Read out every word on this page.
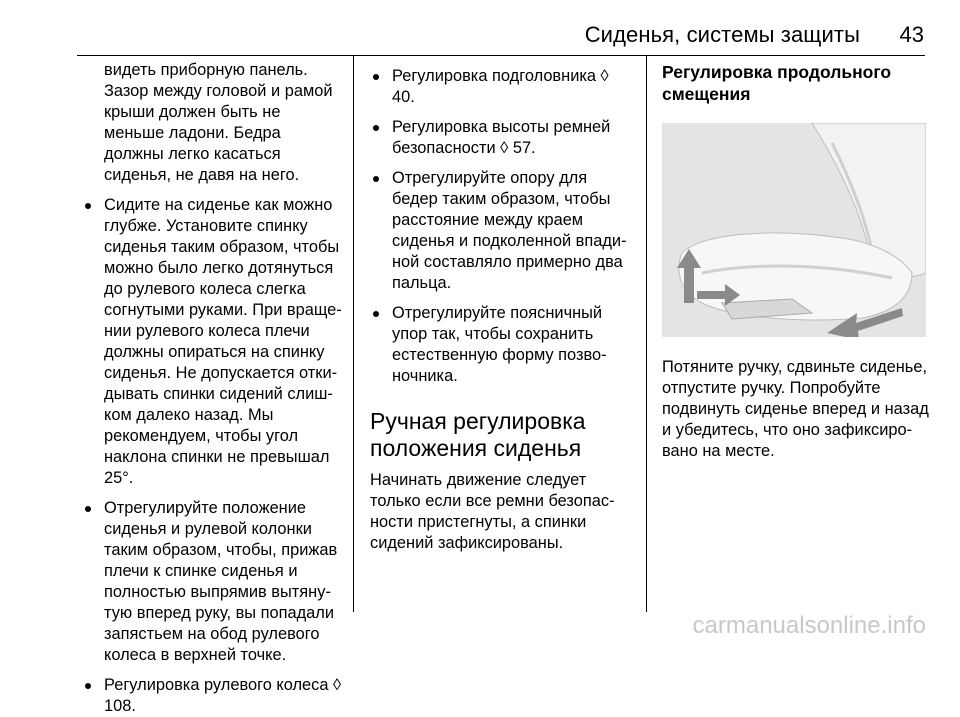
Сиденья, системы защиты 43

видеть приборную панель. Зазор между головой и рамой крыши должен быть не меньше ладони. Бедра должны легко касаться сиденья, не давя на него.

Сидите на сиденье как можно глубже. Установите спинку сиденья таким образом, чтобы можно было легко дотянуться до рулевого колеса слегка согнутыми руками. При вращении рулевого колеса плечи должны опираться на спинку сиденья. Не допускается откидывать спинки сидений слишком далеко назад. Мы рекомендуем, чтобы угол наклона спинки не превышал 25°.

Отрегулируйте положение сиденья и рулевой колонки таким образом, чтобы, прижав плечи к спинке сиденья и полностью выпрямив вытянутую вперед руку, вы попадали запястьем на обод рулевого колеса в верхней точке.

Регулировка рулевого колеса ◊ 108.

Регулировка подголовника ◊ 40.

Регулировка высоты ремней безопасности ◊ 57.

Отрегулируйте опору для бедер таким образом, чтобы расстояние между краем сиденья и подколенной впадиной составляло примерно два пальца.

Отрегулируйте поясничный упор так, чтобы сохранить естественную форму позвоночника.

Ручная регулировка положения сиденья

Начинать движение следует только если все ремни безопасности пристегнуты, а спинки сидений зафиксированы.

Регулировка продольного смещения

Потяните ручку, сдвиньте сиденье, отпустите ручку. Попробуйте подвинуть сиденье вперед и назад и убедитесь, что оно зафиксировано на месте.

carmanualsonline.info
